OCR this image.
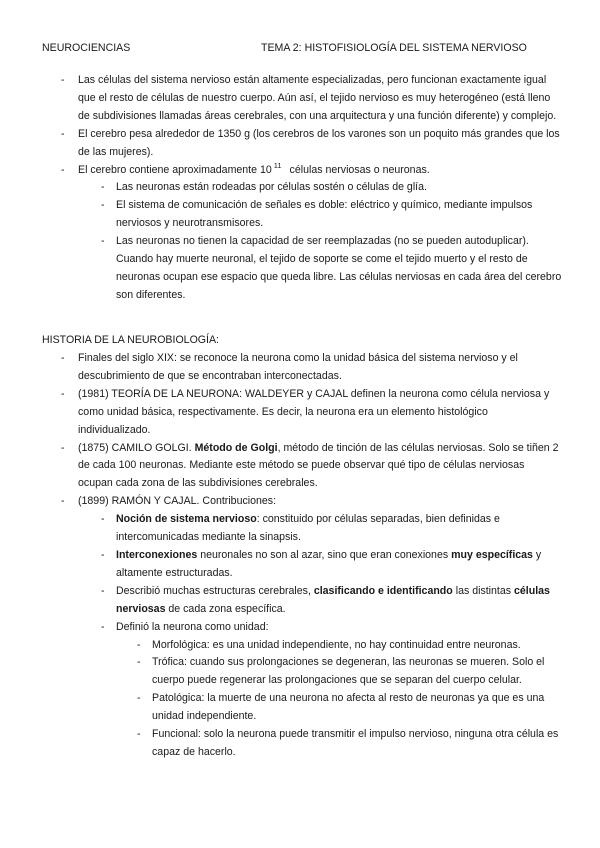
NEUROCIENCIAS	TEMA 2: HISTOFISIOLOGÍA DEL SISTEMA NERVIOSO
- Las células del sistema nervioso están altamente especializadas, pero funcionan exactamente igual que el resto de células de nuestro cuerpo. Aún así, el tejido nervioso es muy heterogéneo (está lleno de subdivisiones llamadas áreas cerebrales, con una arquitectura y una función diferente) y complejo.
- El cerebro pesa alrededor de 1350 g (los cerebros de los varones son un poquito más grandes que los de las mujeres).
- El cerebro contiene aproximadamente 10 $^{11}$ células nerviosas o neuronas.
- Las neuronas están rodeadas por células sostén o células de glía.
- El sistema de comunicación de señales es doble: eléctrico y químico, mediante impulsos nerviosos y neurotransmisores.
- Las neuronas no tienen la capacidad de ser reemplazadas (no se pueden autoduplicar). Cuando hay muerte neuronal, el tejido de soporte se come el tejido muerto y el resto de neuronas ocupan ese espacio que queda libre. Las células nerviosas en cada área del cerebro son diferentes.
HISTORIA DE LA NEUROBIOLOGÍA:
- Finales del siglo XIX: se reconoce la neurona como la unidad básica del sistema nervioso y el descubrimiento de que se encontraban interconectadas.
- (1981) TEORÍA DE LA NEURONA: WALDEYER y CAJAL definen la neurona como célula nerviosa y como unidad básica, respectivamente. Es decir, la neurona era un elemento histológico individualizado.
- (1875) CAMILO GOLGI. Método de Golgi, método de tinción de las células nerviosas. Solo se tiñen 2 de cada 100 neuronas. Mediante este método se puede observar qué tipo de células nerviosas ocupan cada zona de las subdivisiones cerebrales.
- (1899) RAMÓN Y CAJAL. Contribuciones:
- Noción de sistema nervioso: constituido por células separadas, bien definidas e intercomunicadas mediante la sinapsis.
- Interconexiones neuronales no son al azar, sino que eran conexiones muy específicas y altamente estructuradas.
- Describió muchas estructuras cerebrales, clasificando e identificando las distintas células nerviosas de cada zona específica.
- Definió la neurona como unidad:
- Morfológica: es una unidad independiente, no hay continuidad entre neuronas.
- Trófica: cuando sus prolongaciones se degeneran, las neuronas se mueren. Solo el cuerpo puede regenerar las prolongaciones que se separan del cuerpo celular.
- Patológica: la muerte de una neurona no afecta al resto de neuronas ya que es una unidad independiente.
- Funcional: solo la neurona puede transmitir el impulso nervioso, ninguna otra célula es capaz de hacerlo.
